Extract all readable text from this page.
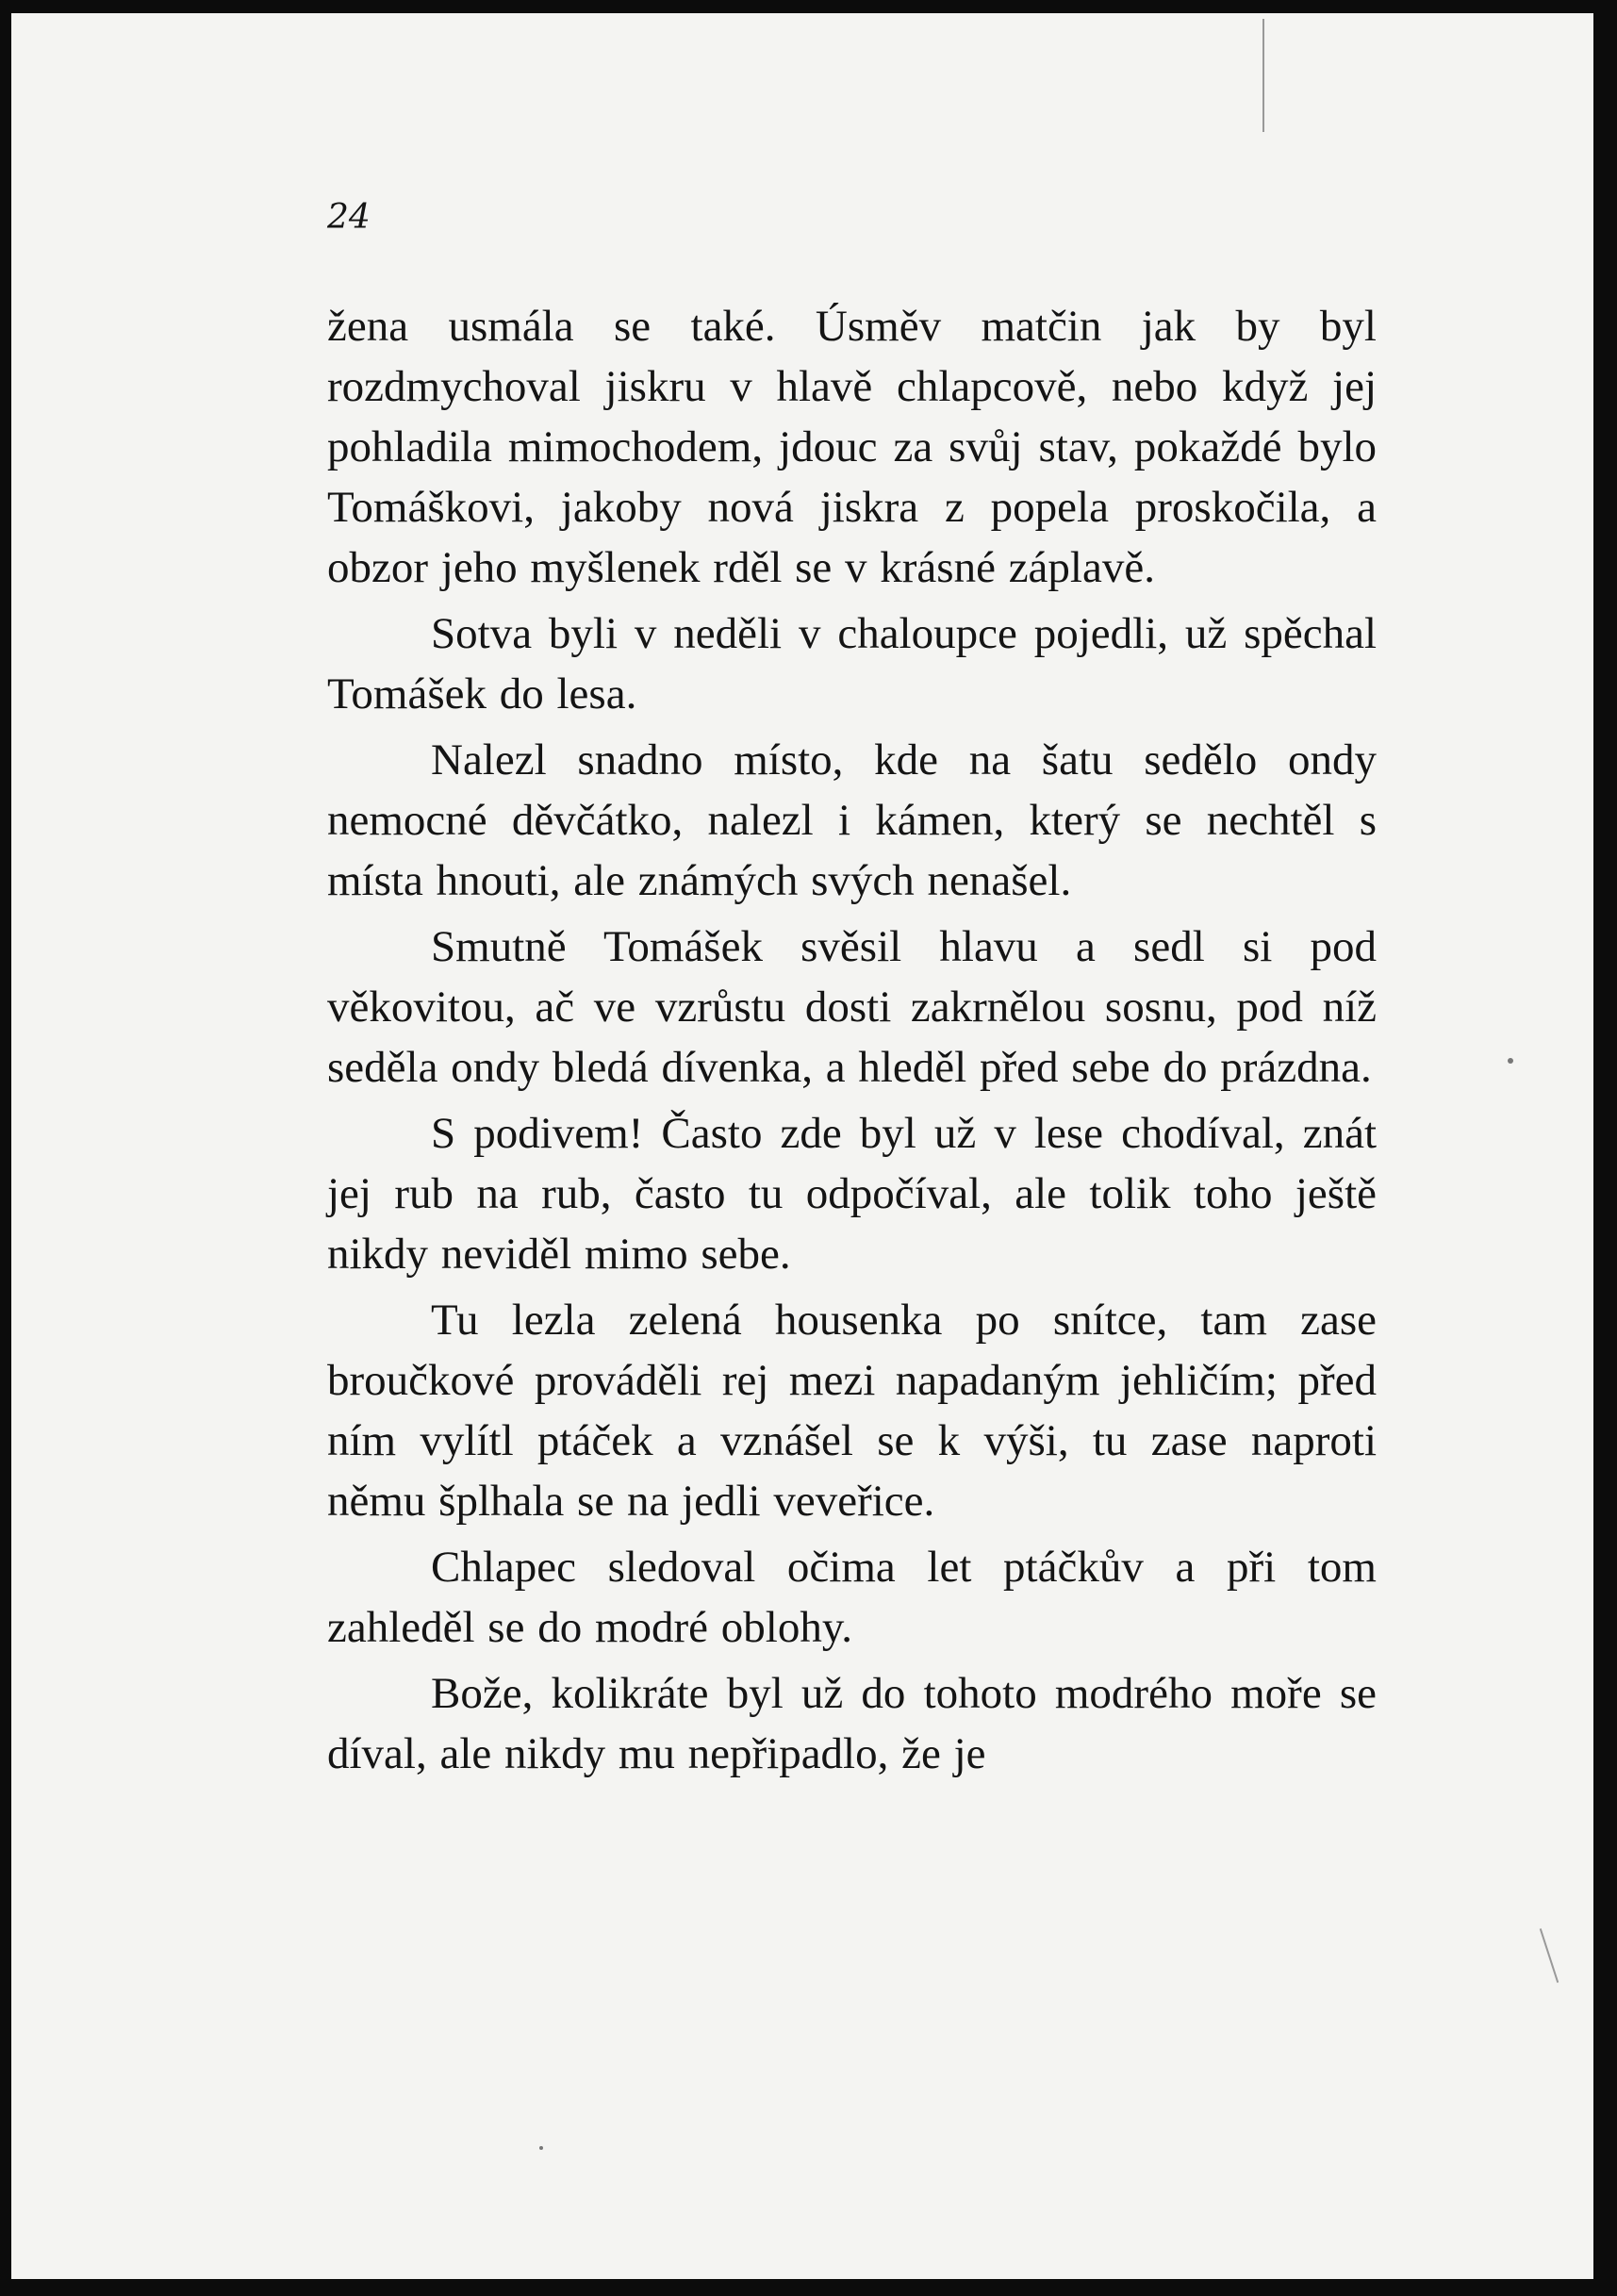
24

žena usmála se také. Úsměv matčin jak by byl rozdmychoval jiskru v hlavě chlapcově, nebo když jej pohladila mimochodem, jdouc za svůj stav, pokaždé bylo Tomáškovi, jakoby nová jiskra z popela proskočila, a obzor jeho myšlenek rděl se v krásné záplavě.

Sotva byli v neděli v chaloupce pojedli, už spěchal Tomášek do lesa.

Nalezl snadno místo, kde na šatu sedělo ondy nemocné děvčátko, nalezl i kámen, který se nechtěl s místa hnouti, ale známých svých nenašel.

Smutně Tomášek svěsil hlavu a sedl si pod věkovitou, ač ve vzrůstu dosti zakrnělou sosnu, pod níž seděla ondy bledá dívenka, a hleděl před sebe do prázdna.

S podivem! Často zde byl už v lese chodíval, znát jej rub na rub, často tu odpočíval, ale tolik toho ještě nikdy neviděl mimo sebe.

Tu lezla zelená housenka po snítce, tam zase broučkové prováděli rej mezi napadaným jehličím; před ním vylítl ptáček a vznášel se k výši, tu zase naproti němu šplhala se na jedli veveřice.

Chlapec sledoval očima let ptáčkův a při tom zahleděl se do modré oblohy.

Bože, kolikráte byl už do tohoto modrého moře se díval, ale nikdy mu nepřipadlo, že je
